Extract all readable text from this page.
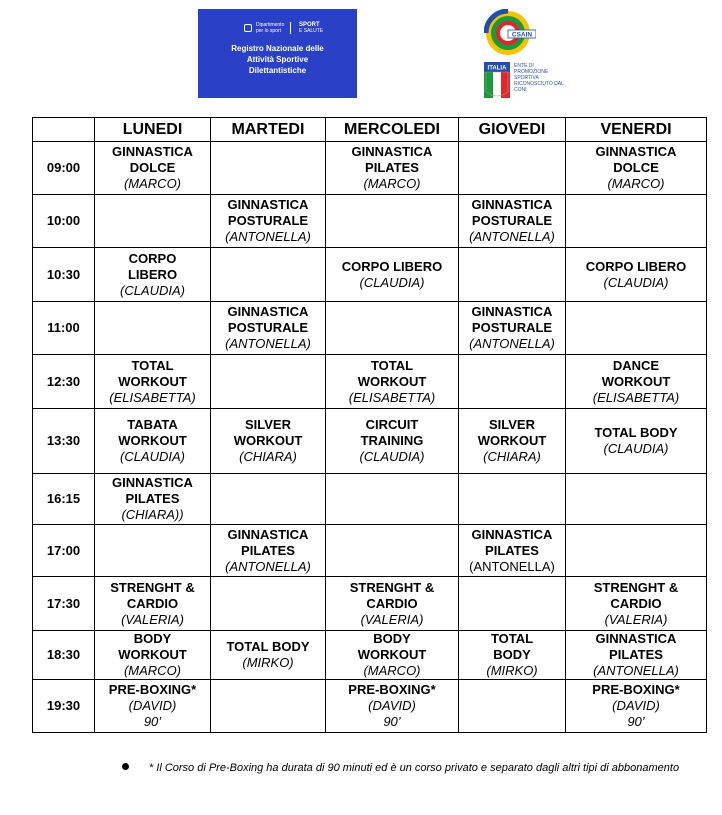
Dipartimento per lo sport
SPORT
E SALUTE
Registro Nazionale delle Attività Sportive Dilettantistiche
CSAIN
ITALIA ENTE DI PROMOZIONE SPORTIVA RICONOSCIUTO DAL CONI
	LUNEDI	MARTEDI	MERCOLEDI	GIOVEDI	VENERDI
09:00	GINNASTICA DOLCE
(MARCO)		GINNASTICA PILATES
(MARCO)		GINNASTICA DOLCE
(MARCO)

10:00		GINNASTICA POSTURALE
(ANTONELLA)		GINNASTICA POSTURALE
(ANTONELLA)	

10:30	CORPO LIBERO
(CLAUDIA)		CORPO LIBERO
(CLAUDIA)		CORPO LIBERO
(CLAUDIA)

11:00		GINNASTICA POSTURALE
(ANTONELLA)		GINNASTICA POSTURALE
(ANTONELLA)	

12:30	TOTAL WORKOUT
(ELISABETTA)		TOTAL WORKOUT
(ELISABETTA)		DANCE WORKOUT
(ELISABETTA)

13:30	TABATA WORKOUT
(CLAUDIA)	SILVER WORKOUT
(CHIARA)	CIRCUIT TRAINING
(CLAUDIA)	SILVER WORKOUT
(CHIARA)	TOTAL BODY
(CLAUDIA)

16:15	GINNASTICA PILATES
(CHIARA))				

17:00		GINNASTICA PILATES
(ANTONELLA)		GINNASTICA PILATES
(ANTONELLA)	

17:30	STRENGHT & CARDIO
(VALERIA)		STRENGHT & CARDIO
(VALERIA)		STRENGHT & CARDIO
(VALERIA)

18:30	BODY WORKOUT
(MARCO)	TOTAL BODY
(MIRKO)	BODY WORKOUT
(MARCO)	TOTAL BODY
(MIRKO)	GINNASTICA PILATES
(ANTONELLA)

19:30	PRE-BOXING*
(DAVID)
90’		PRE-BOXING*
(DAVID)
90’		PRE-BOXING*
(DAVID)
90’
* Il Corso di Pre-Boxing ha durata di 90 minuti ed è un corso privato e separato dagli altri tipi di abbonamento
